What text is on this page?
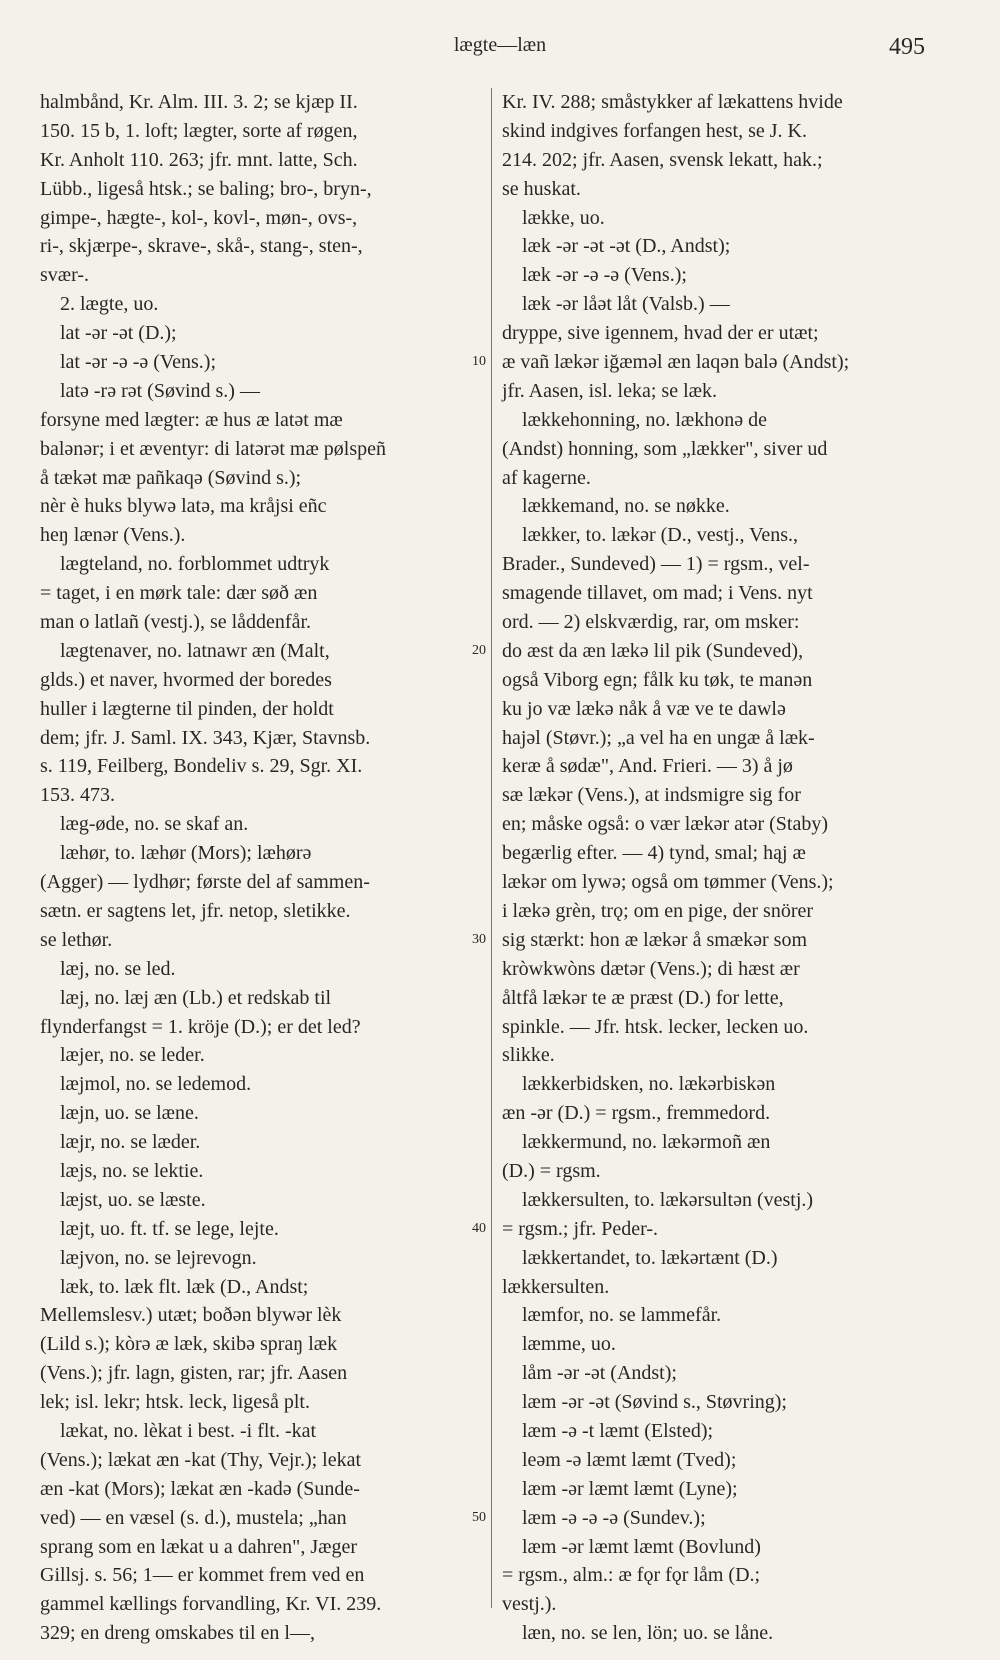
lægte—læn	495
halmbånd, Kr. Alm. III. 3. 2; se kjæp II.
150. 15 b, 1. loft; lægter, sorte af røgen,
Kr. Anholt 110. 263; jfr. mnt. latte, Sch.
Lübb., ligeså htsk.; se baling; bro-, bryn-,
gimpe-, hægte-, kol-, kovl-, møn-, ovs-,
ri-, skjærpe-, skrave-, skå-, stang-, sten-,
svær-.
2. lægte, uo.
lat -ər -ət (D.);
lat -ər -ə -ə (Vens.);
latə -rə rət (Søvind s.) —
forsyne med lægter: æ hus æ latət mæ
balənər; i et æventyr: di latərət mæ pølspeñ
å tækət mæ pañkaqə (Søvind s.);
nèr è huks blywə latə, ma kråjsi eñc
heŋ lænər (Vens.).
lægteland, no. forblommet udtryk
= taget, i en mørk tale: dær søð æn
man o latlañ (vestj.), se låddenfår.
lægtenaver, no. latnawr æn (Malt,
glds.) et naver, hvormed der boredes
huller i lægterne til pinden, der holdt
dem; jfr. J. Saml. IX. 343, Kjær, Stavnsb.
s. 119, Feilberg, Bondeliv s. 29, Sgr. XI.
153. 473.
læg-øde, no. se skaf an.
læhør, to. læhør (Mors); læhørə
(Agger) — lydhør; første del af sammen-
sætn. er sagtens let, jfr. netop, sletikke.
se lethør.
læj, no. se led.
læj, no. læj æn (Lb.) et redskab til
flynderfangst = 1. kröje (D.); er det led?
læjer, no. se leder.
læjmol, no. se ledemod.
læjn, uo. se læne.
læjr, no. se læder.
læjs, no. se lektie.
læjst, uo. se læste.
læjt, uo. ft. tf. se lege, lejte.
læjvon, no. se lejrevogn.
læk, to. læk flt. læk (D., Andst;
Mellemslesv.) utæt; boðən blywər lèk
(Lild s.); kòrə æ læk, skibə spraŋ læk
(Vens.); jfr. lagn, gisten, rar; jfr. Aasen
lek; isl. lekr; htsk. leck, ligeså plt.
lækat, no. lèkat i best. -i flt. -kat
(Vens.); lækat æn -kat (Thy, Vejr.); lekat
æn -kat (Mors); lækat æn -kadə (Sunde-
ved) — en væsel (s. d.), mustela; „han
sprang som en lækat u a dahren", Jæger
Gillsj. s. 56; 1— er kommet frem ved en
gammel kællings forvandling, Kr. VI. 239.
329; en dreng omskabes til en l—,
10
20
30
40
50
Kr. IV. 288; småstykker af lækattens hvide
skind indgives forfangen hest, se J. K.
214. 202; jfr. Aasen, svensk lekatt, hak.;
se huskat.
lække, uo.
læk -ər -ət -ət (D., Andst);
læk -ər -ə -ə (Vens.);
læk -ər låət låt (Valsb.) —
dryppe, sive igennem, hvad der er utæt;
æ vañ lækər iğæməl æn laqən balə (Andst);
jfr. Aasen, isl. leka; se læk.
lækkehonning, no. lækhonə de
(Andst) honning, som „lækker", siver ud
af kagerne.
lækkemand, no. se nøkke.
lækker, to. lækər (D., vestj., Vens.,
Brader., Sundeved) — 1) = rgsm., vel-
smagende tillavet, om mad; i Vens. nyt
ord. — 2) elskværdig, rar, om msker:
do æst da æn lækə lil pik (Sundeved),
også Viborg egn; fålk ku tøk, te manən
ku jo væ lækə nåk å væ ve te dawlə
hajəl (Støvr.); „a vel ha en ungæ å læk-
keræ å sødæ", And. Frieri. — 3) å jø
sæ lækər (Vens.), at indsmigre sig for
en; måske også: o vær lækər atər (Staby)
begærlig efter. — 4) tynd, smal; hąj æ
lækər om lywə; også om tømmer (Vens.);
i lækə grèn, trǫ; om en pige, der snörer
sig stærkt: hon æ lækər å smækər som
kròwkwòns dætər (Vens.); di hæst ær
åltfå lækər te æ præst (D.) for lette,
spinkle. — Jfr. htsk. lecker, lecken uo.
slikke.
lækkerbidsken, no. lækərbiskən
æn -ər (D.) = rgsm., fremmedord.
lækkermund, no. lækərmoñ æn
(D.) = rgsm.
lækkersulten, to. lækərsultən (vestj.)
= rgsm.; jfr. Peder-.
lækkertandet, to. lækərtænt (D.)
lækkersulten.
læmfor, no. se lammefår.
læmme, uo.
låm -ər -ət (Andst);
læm -ər -ət (Søvind s., Støvring);
læm -ə -t læmt (Elsted);
leəm -ə læmt læmt (Tved);
læm -ər læmt læmt (Lyne);
læm -ə -ə -ə (Sundev.);
læm -ər læmt læmt (Bovlund)
= rgsm., alm.: æ fǫr fǫr låm (D.;
vestj.).
læn, no. se len, lön; uo. se låne.
